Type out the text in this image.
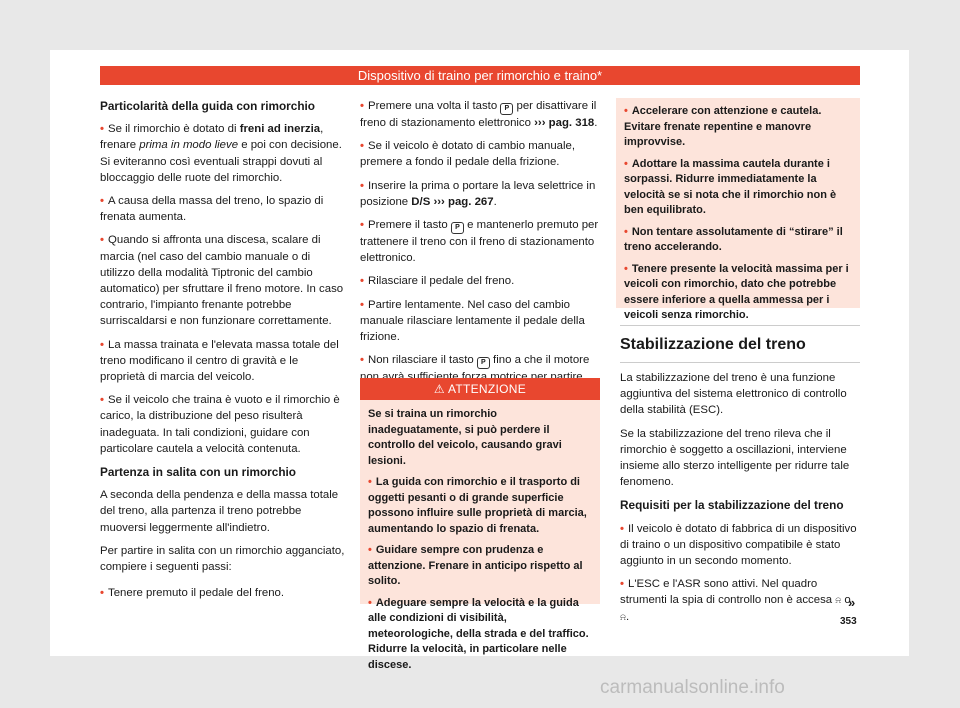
Dispositivo di traino per rimorchio e traino*

Particolarità della guida con rimorchio

• Se il rimorchio è dotato di freni ad inerzia, frenare prima in modo lieve e poi con decisione. Si eviteranno così eventuali strappi dovuti al bloccaggio delle ruote del rimorchio.

• A causa della massa del treno, lo spazio di frenata aumenta.

• Quando si affronta una discesa, scalare di marcia (nel caso del cambio manuale o di utilizzo della modalità Tiptronic del cambio automatico) per sfruttare il freno motore. In caso contrario, l'impianto frenante potrebbe surriscaldarsi e non funzionare correttamente.

• La massa trainata e l'elevata massa totale del treno modificano il centro di gravità e le proprietà di marcia del veicolo.

• Se il veicolo che traina è vuoto e il rimorchio è carico, la distribuzione del peso risulterà inadeguata. In tali condizioni, guidare con particolare cautela a velocità contenuta.

Partenza in salita con un rimorchio

A seconda della pendenza e della massa totale del treno, alla partenza il treno potrebbe muoversi leggermente all'indietro.

Per partire in salita con un rimorchio agganciato, compiere i seguenti passi:

• Tenere premuto il pedale del freno.

• Premere una volta il tasto P per disattivare il freno di stazionamento elettronico ››› pag. 318.

• Se il veicolo è dotato di cambio manuale, premere a fondo il pedale della frizione.

• Inserire la prima o portare la leva selettrice in posizione D/S ››› pag. 267.

• Premere il tasto P e mantenerlo premuto per trattenere il treno con il freno di stazionamento elettronico.

• Rilasciare il pedale del freno.

• Partire lentamente. Nel caso del cambio manuale rilasciare lentamente il pedale della frizione.

• Non rilasciare il tasto P fino a che il motore

⚠ ATTENZIONE

Se si traina un rimorchio inadeguatamente, si può perdere il controllo del veicolo, causando gravi lesioni.

• La guida con rimorchio e il trasporto di oggetti pesanti o di grande superficie possono influire sulle proprietà di marcia, aumentando lo spazio di frenata.

• Guidare sempre con prudenza e attenzione. Frenare in anticipo rispetto al solito.

• Adeguare sempre la velocità e la guida alle condizioni di visibilità, meteorologiche, della strada e del traffico. Ridurre la velocità, in particolare nelle discese.

• Accelerare con attenzione e cautela. Evitare frenate repentine e manovre improvvise.

• Adottare la massima cautela durante i sorpassi. Ridurre immediatamente la velocità se si nota che il rimorchio non è ben equilibrato.

• Non tentare assolutamente di “stirare” il treno accelerando.

• Tenere presente la velocità massima per i veicoli con rimorchio, dato che potrebbe essere inferiore a quella ammessa per i veicoli senza rimorchio.

Stabilizzazione del treno

La stabilizzazione del treno è una funzione aggiuntiva del sistema elettronico di controllo della stabilità (ESC).

Se la stabilizzazione del treno rileva che il rimorchio è soggetto a oscillazioni, interviene insieme allo sterzo intelligente per ridurre tale fenomeno.

Requisiti per la stabilizzazione del treno

• Il veicolo è dotato di fabbrica di un dispositivo di traino o un dispositivo compatibile è stato aggiunto in un secondo momento.

• L'ESC e l'ASR sono attivi. Nel quadro strumenti la spia di controllo non è accesa ⍾ o
⍾.

»
353
carmanualsonline.info
